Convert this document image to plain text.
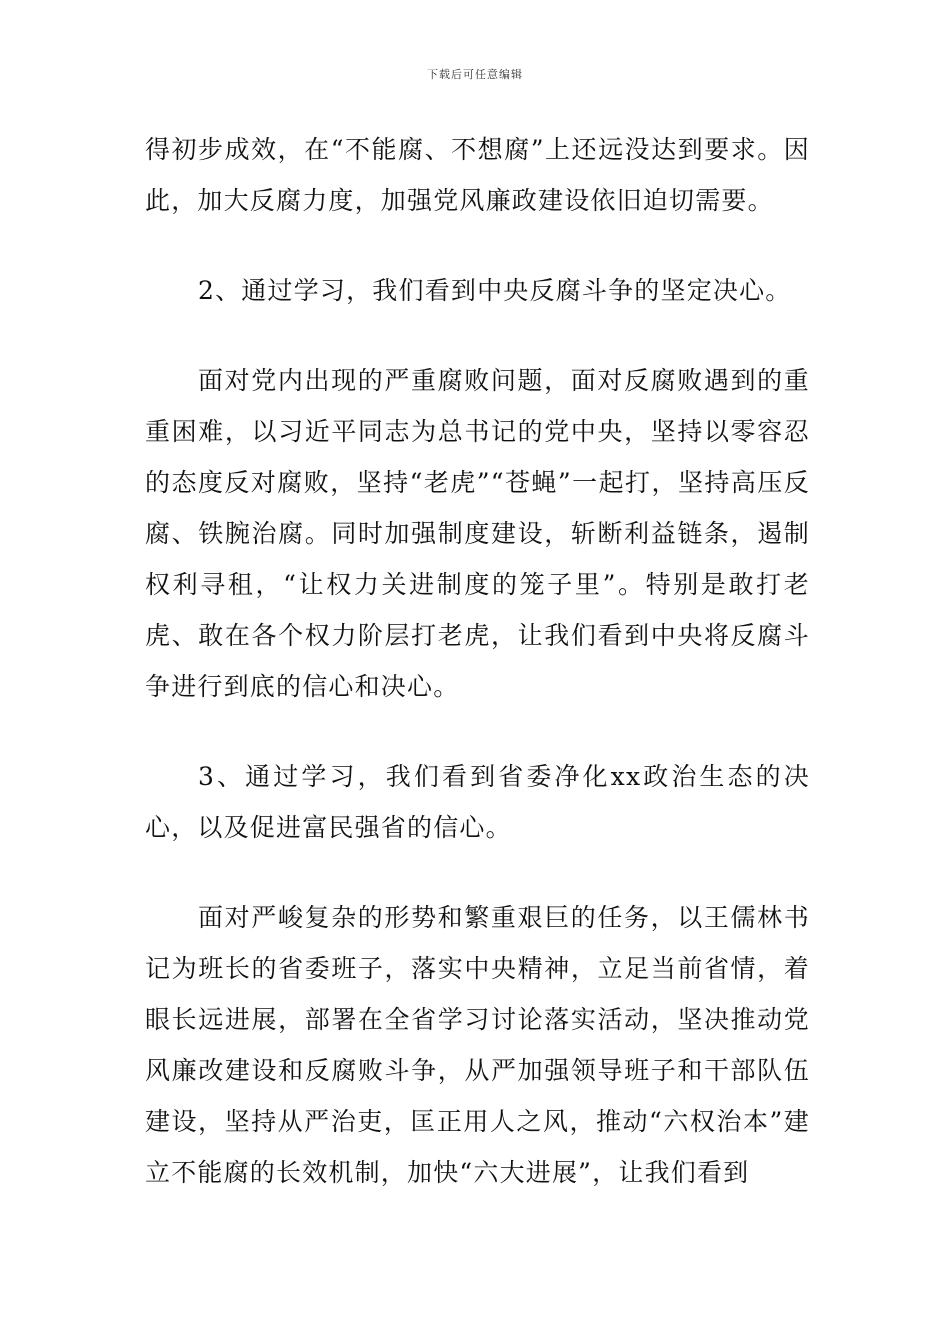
下载后可任意编辑

得初步成效，在“不能腐、不想腐”上还远没达到要求。因此，加大反腐力度，加强党风廉政建设依旧迫切需要。

2、通过学习，我们看到中央反腐斗争的坚定决心。

面对党内出现的严重腐败问题，面对反腐败遇到的重重困难，以习近平同志为总书记的党中央，坚持以零容忍的态度反对腐败，坚持“老虎”“苍蝇”一起打，坚持高压反腐、铁腕治腐。同时加强制度建设，斩断利益链条，遏制权利寻租，“让权力关进制度的笼子里”。特别是敢打老虎、敢在各个权力阶层打老虎，让我们看到中央将反腐斗争进行到底的信心和决心。

3、通过学习，我们看到省委净化xx政治生态的决心，以及促进富民强省的信心。

面对严峻复杂的形势和繁重艰巨的任务，以王儒林书记为班长的省委班子，落实中央精神，立足当前省情，着眼长远进展，部署在全省学习讨论落实活动，坚决推动党风廉改建设和反腐败斗争，从严加强领导班子和干部队伍建设，坚持从严治吏，匡正用人之风，推动“六权治本”建立不能腐的长效机制，加快“六大进展”，让我们看到
